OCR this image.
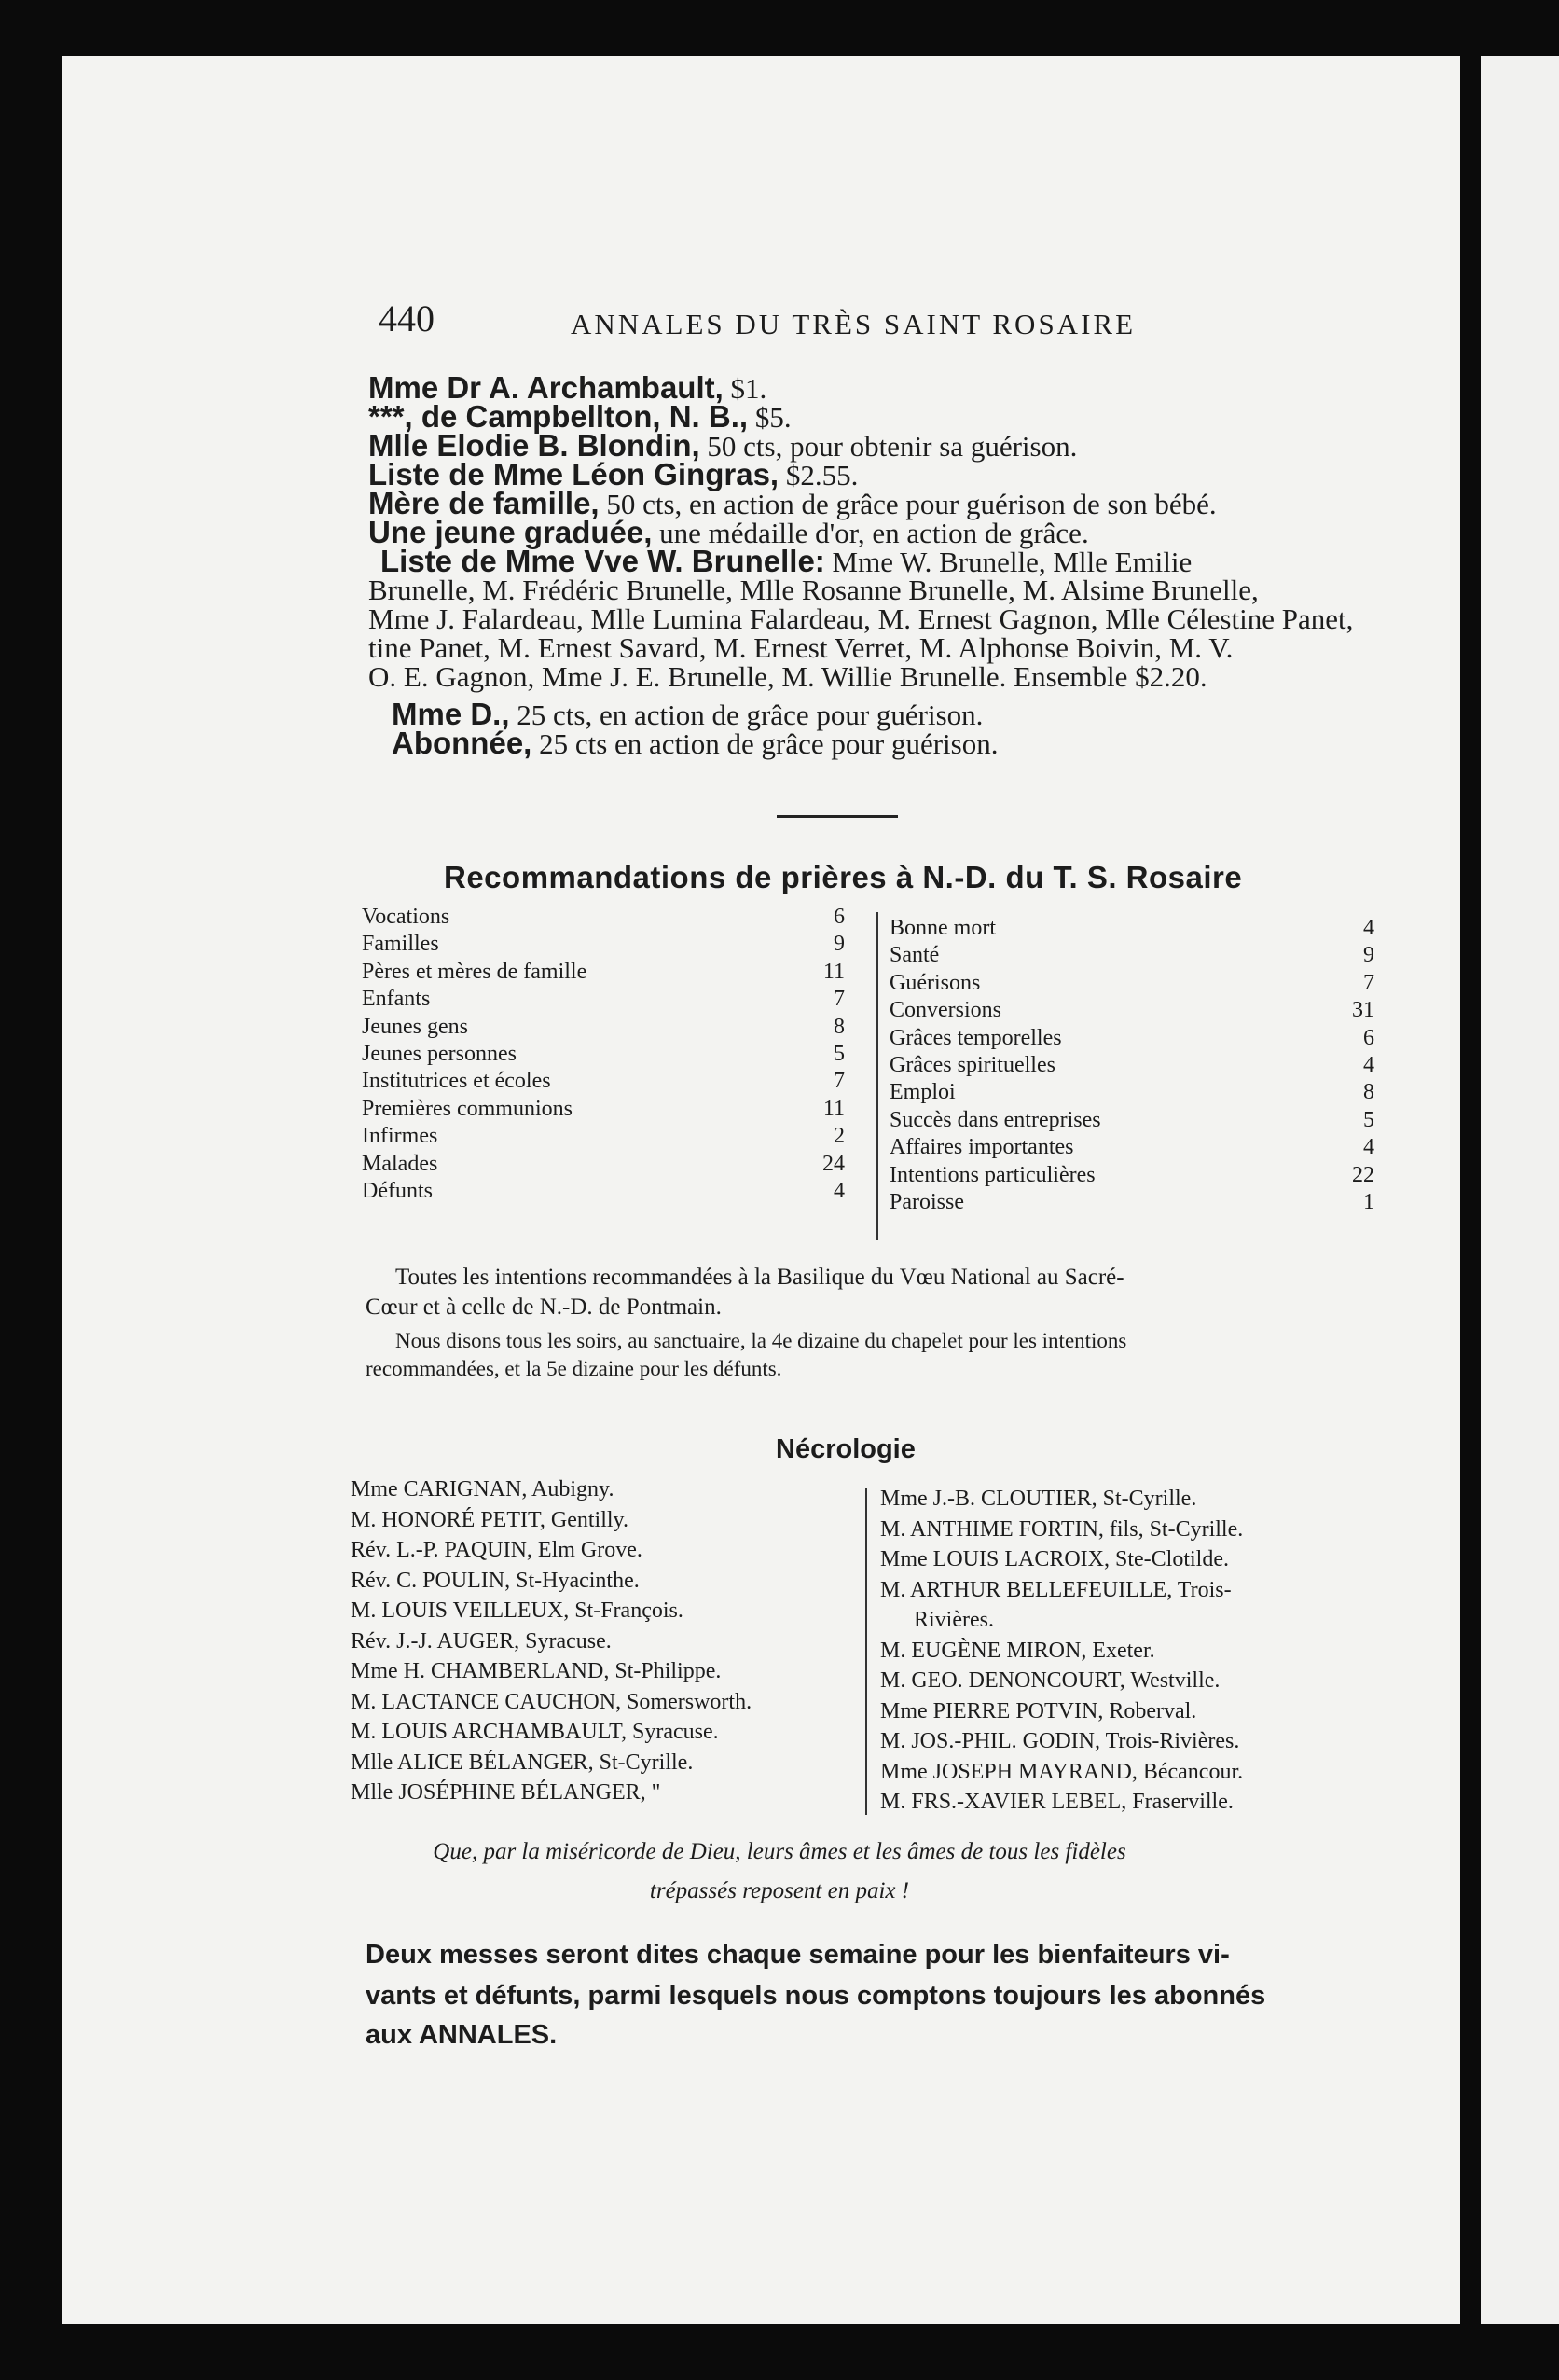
440	ANNALES DU TRÈS SAINT ROSAIRE
Mme Dr A. Archambault, $1.
***, de Campbellton, N. B., $5.
Mlle Elodie B. Blondin, 50 cts, pour obtenir sa guérison.
Liste de Mme Léon Gingras, $2.55.
Mère de famille, 50 cts, en action de grâce pour guérison de son bébé.
Une jeune graduée, une médaille d'or, en action de grâce.
Liste de Mme Vve W. Brunelle: Mme W. Brunelle, Mlle Emilie
Brunelle, M. Frédéric Brunelle, Mlle Rosanne Brunelle, M. Alsime Brunelle,
Mme J. Falardeau, Mlle Lumina Falardeau, M. Ernest Gagnon, Mlle Célestine Panet,
tine Panet, M. Ernest Savard, M. Ernest Verret, M. Alphonse Boivin, M. V.
O. E. Gagnon, Mme J. E. Brunelle, M. Willie Brunelle. Ensemble $2.20.
Mme D., 25 cts, en action de grâce pour guérison.
Abonnée, 25 cts en action de grâce pour guérison.
Recommandations de prières à N.-D. du T. S. Rosaire
Vocations	6
Familles	9
Pères et mères de famille	11
Enfants	7
Jeunes gens	8
Jeunes personnes	5
Institutrices et écoles	7
Premières communions	11
Infirmes	2
Malades	24
Défunts	4
Bonne mort	4
Santé	9
Guérisons	7
Conversions	31
Grâces temporelles	6
Grâces spirituelles	4
Emploi	8
Succès dans entreprises	5
Affaires importantes	4
Intentions particulières	22
Paroisse	1
Toutes les intentions recommandées à la Basilique du Vœu National au Sacré-
Cœur et à celle de N.-D. de Pontmain.
Nous disons tous les soirs, au sanctuaire, la 4e dizaine du chapelet pour les intentions
recommandées, et la 5e dizaine pour les défunts.
Nécrologie
Mme CARIGNAN, Aubigny.
M. HONORÉ PETIT, Gentilly.
Rév. L.-P. PAQUIN, Elm Grove.
Rév. C. POULIN, St-Hyacinthe.
M. LOUIS VEILLEUX, St-François.
Rév. J.-J. AUGER, Syracuse.
Mme H. CHAMBERLAND, St-Philippe.
M. LACTANCE CAUCHON, Somersworth.
M. LOUIS ARCHAMBAULT, Syracuse.
Mlle ALICE BÉLANGER, St-Cyrille.
Mlle JOSÉPHINE BÉLANGER, "
Mme J.-B. CLOUTIER, St-Cyrille.
M. ANTHIME FORTIN, fils, St-Cyrille.
Mme LOUIS LACROIX, Ste-Clotilde.
M. ARTHUR BELLEFEUILLE, Trois-
Rivières.
M. EUGÈNE MIRON, Exeter.
M. GEO. DENONCOURT, Westville.
Mme PIERRE POTVIN, Roberval.
M. JOS.-PHIL. GODIN, Trois-Rivières.
Mme JOSEPH MAYRAND, Bécancour.
M. FRS.-XAVIER LEBEL, Fraserville.
Que, par la miséricorde de Dieu, leurs âmes et les âmes de tous les fidèles
trépassés reposent en paix !
Deux messes seront dites chaque semaine pour les bienfaiteurs vi-
vants et défunts, parmi lesquels nous comptons toujours les abonnés
aux ANNALES.
